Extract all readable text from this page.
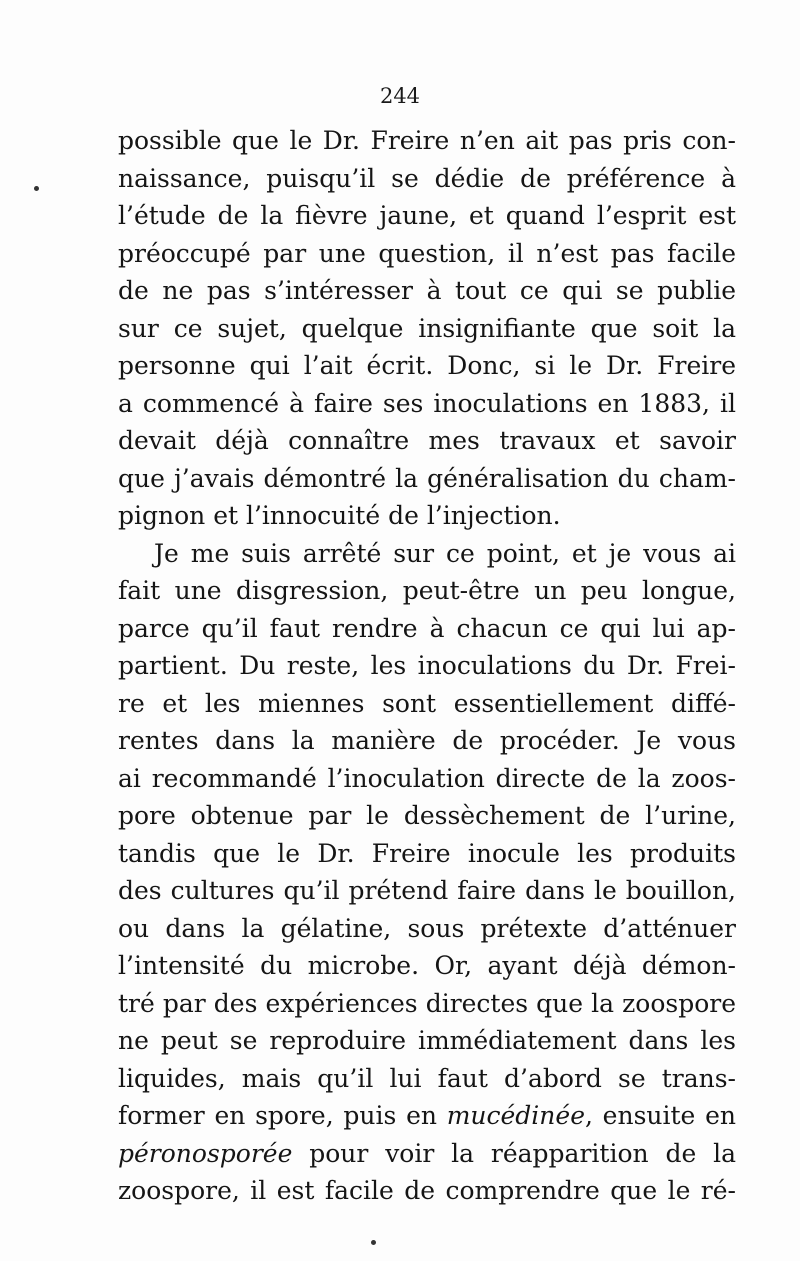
244
possible que le Dr. Freire n’en ait pas pris con-
naissance, puisqu’il se dédie de préférence à
l’étude de la fièvre jaune, et quand l’esprit est
préoccupé par une question, il n’est pas facile
de ne pas s’intéresser à tout ce qui se publie
sur ce sujet, quelque insignifiante que soit la
personne qui l’ait écrit. Donc, si le Dr. Freire
a commencé à faire ses inoculations en 1883, il
devait déjà connaître mes travaux et savoir
que j’avais démontré la généralisation du cham-
pignon et l’innocuité de l’injection.
Je me suis arrêté sur ce point, et je vous ai
fait une disgression, peut-être un peu longue,
parce qu’il faut rendre à chacun ce qui lui ap-
partient. Du reste, les inoculations du Dr. Frei-
re et les miennes sont essentiellement diffé-
rentes dans la manière de procéder. Je vous
ai recommandé l’inoculation directe de la zoos-
pore obtenue par le dessèchement de l’urine,
tandis que le Dr. Freire inocule les produits
des cultures qu’il prétend faire dans le bouillon,
ou dans la gélatine, sous prétexte d’atténuer
l’intensité du microbe. Or, ayant déjà démon-
tré par des expériences directes que la zoospore
ne peut se reproduire immédiatement dans les
liquides, mais qu’il lui faut d’abord se trans-
former en spore, puis en mucédinée, ensuite en
péronosporée pour voir la réapparition de la
zoospore, il est facile de comprendre que le ré-
